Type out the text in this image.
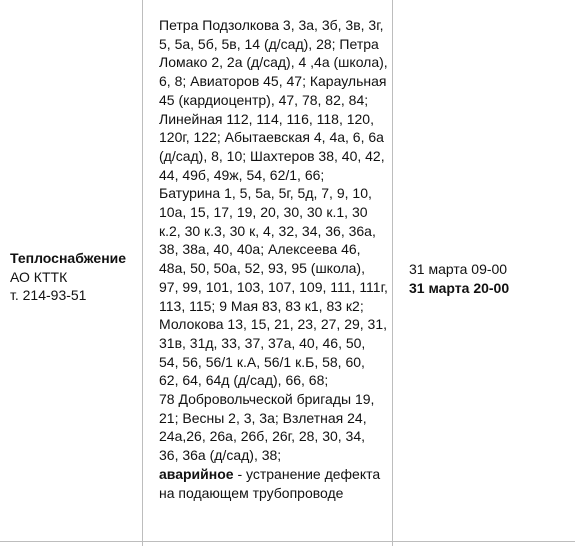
Теплоснабжение
АО КТТК
т. 214-93-51
Петра Подзолкова 3, 3а, 3б, 3в, 3г,
5, 5а, 5б, 5в, 14 (д/сад), 28; Петра
Ломако 2, 2а (д/сад), 4 ,4а (школа),
6, 8; Авиаторов 45, 47; Караульная
45 (кардиоцентр), 47, 78, 82, 84;
Линейная 112, 114, 116, 118, 120,
120г, 122; Абытаевская 4, 4а, 6, 6а
(д/сад), 8, 10; Шахтеров 38, 40, 42,
44, 49б, 49ж, 54, 62/1, 66;
Батурина 1, 5, 5а, 5г, 5д, 7, 9, 10,
10а, 15, 17, 19, 20, 30, 30 к.1, 30
к.2, 30 к.3, 30 к, 4, 32, 34, 36, 36а,
38, 38а, 40, 40а; Алексеева 46,
48а, 50, 50а, 52, 93, 95 (школа),
97, 99, 101, 103, 107, 109, 111, 111г,
113, 115; 9 Мая 83, 83 к1, 83 к2;
Молокова 13, 15, 21, 23, 27, 29, 31,
31в, 31д, 33, 37, 37а, 40, 46, 50,
54, 56, 56/1 к.А, 56/1 к.Б, 58, 60,
62, 64, 64д (д/сад), 66, 68;
78 Добровольческой бригады 19,
21; Весны 2, 3, 3а; Взлетная 24,
24а,26, 26а, 26б, 26г, 28, 30, 34,
36, 36а (д/сад), 38;
аварийное - устранение дефекта
на подающем трубопроводе
31 марта 09-00
31 марта 20-00
